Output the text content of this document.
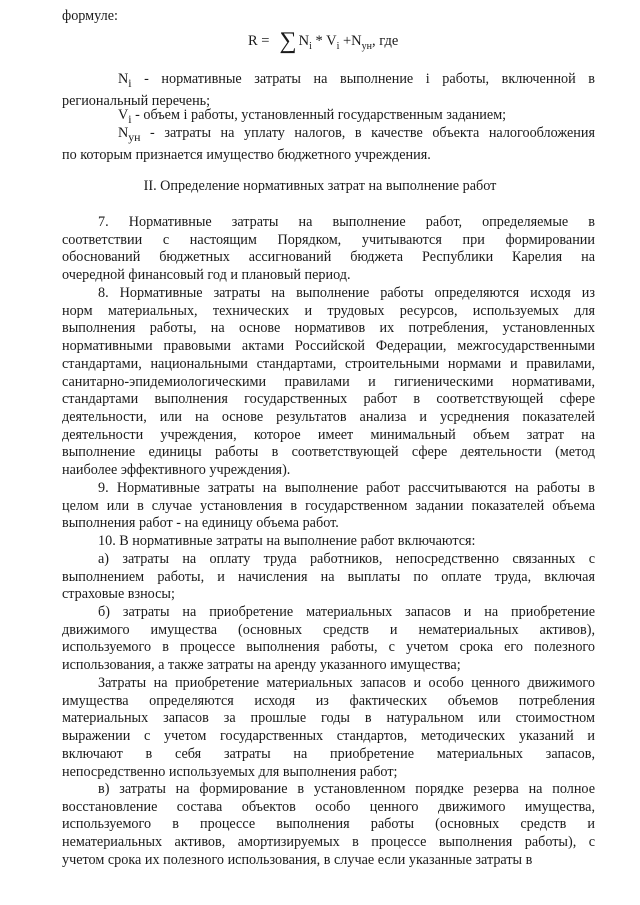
формуле:
R = ∑ $N_i * V_i +N_{ун}$, где
$N_i$ - нормативные затраты на выполнение i работы, включенной в
региональный перечень;
$V_i$ - объем i работы, установленный государственным заданием;
$N_{ун}$ - затраты на уплату налогов, в качестве объекта налогообложения
по которым признается имущество бюджетного учреждения.
II. Определение нормативных затрат на выполнение работ
7. Нормативные затраты на выполнение работ, определяемые в
соответствии с настоящим Порядком, учитываются при формировании
обоснований бюджетных ассигнований бюджета Республики Карелия на
очередной финансовый год и плановый период.
8. Нормативные затраты на выполнение работы определяются исходя из
норм материальных, технических и трудовых ресурсов, используемых для
выполнения работы, на основе нормативов их потребления, установленных
нормативными правовыми актами Российской Федерации, межгосударственными
стандартами, национальными стандартами, строительными нормами и правилами,
санитарно-эпидемиологическими правилами и гигиеническими нормативами,
стандартами выполнения государственных работ в соответствующей сфере
деятельности, или на основе результатов анализа и усреднения показателей
деятельности учреждения, которое имеет минимальный объем затрат на
выполнение единицы работы в соответствующей сфере деятельности (метод
наиболее эффективного учреждения).
9. Нормативные затраты на выполнение работ рассчитываются на работы в
целом или в случае установления в государственном задании показателей объема
выполнения работ - на единицу объема работ.
10. В нормативные затраты на выполнение работ включаются:
а) затраты на оплату труда работников, непосредственно связанных с
выполнением работы, и начисления на выплаты по оплате труда, включая
страховые взносы;
б) затраты на приобретение материальных запасов и на приобретение
движимого имущества (основных средств и нематериальных активов),
используемого в процессе выполнения работы, с учетом срока его полезного
использования, а также затраты на аренду указанного имущества;
Затраты на приобретение материальных запасов и особо ценного движимого
имущества определяются исходя из фактических объемов потребления
материальных запасов за прошлые годы в натуральном или стоимостном
выражении с учетом государственных стандартов, методических указаний и
включают в себя затраты на приобретение материальных запасов,
непосредственно используемых для выполнения работ;
в) затраты на формирование в установленном порядке резерва на полное
восстановление состава объектов особо ценного движимого имущества,
используемого в процессе выполнения работы (основных средств и
нематериальных активов, амортизируемых в процессе выполнения работы), с
учетом срока их полезного использования, в случае если указанные затраты в
